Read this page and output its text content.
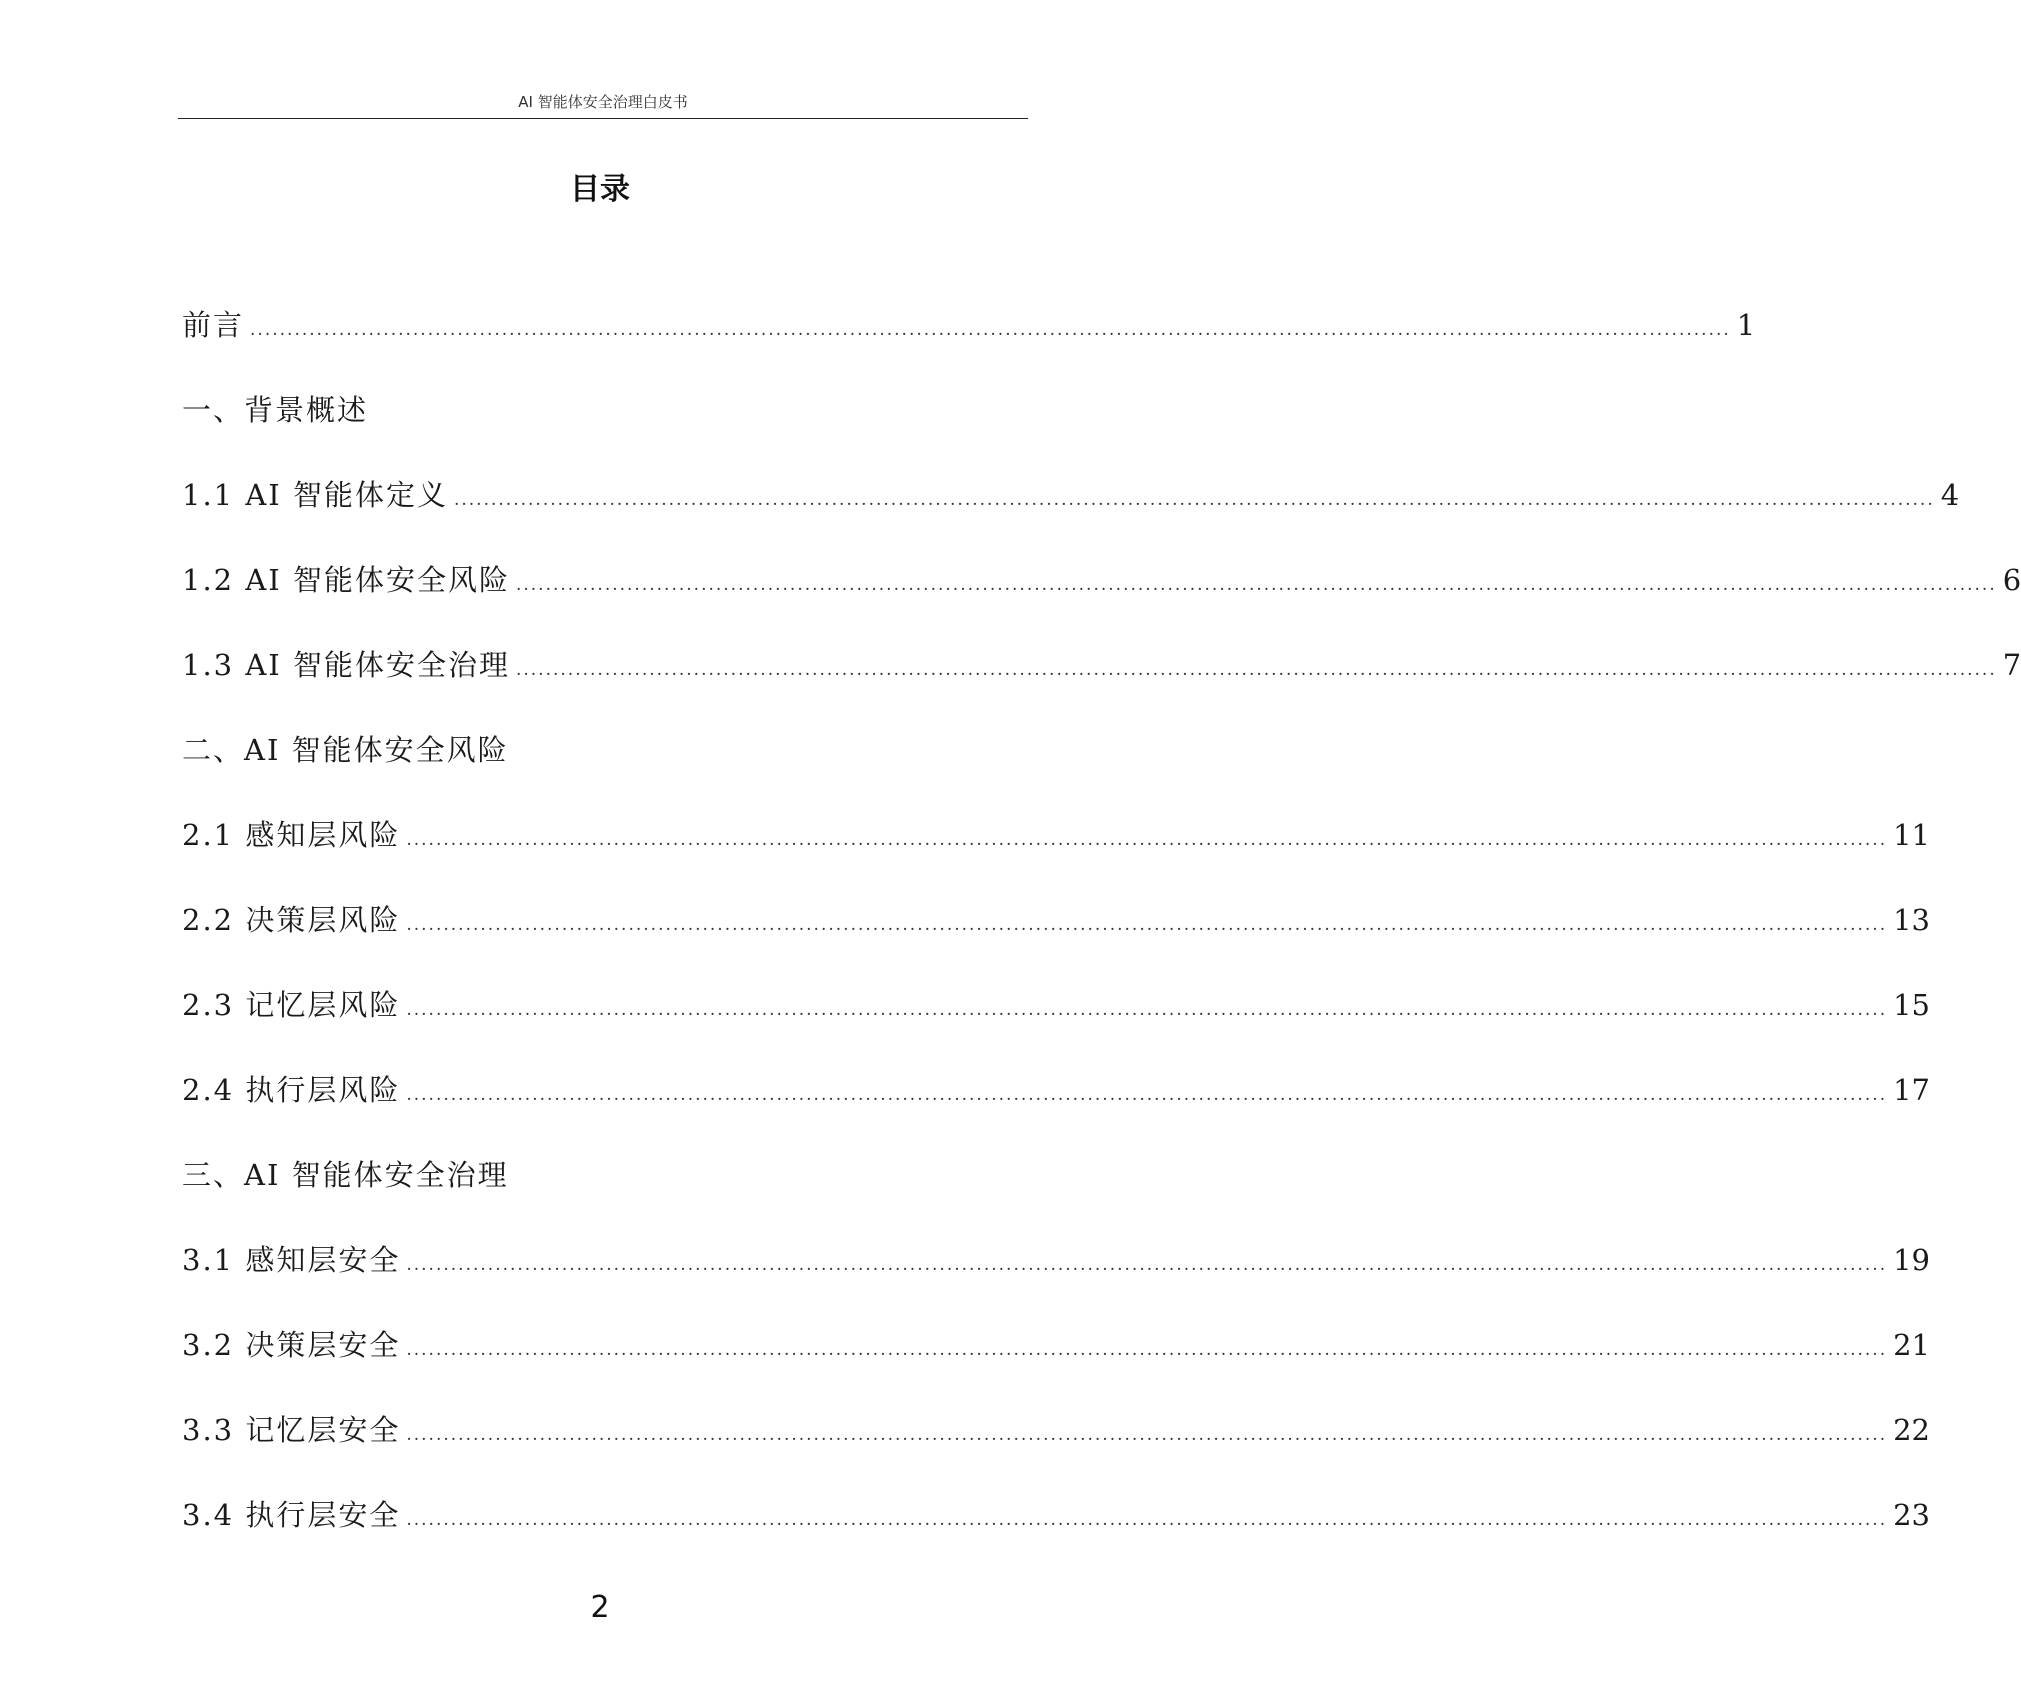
AI 智能体安全治理白皮书
目录
前言 ........................................................................................................................................................................................................ 1
一、背景概述
1.1 AI 智能体定义 ........................................................................................................................................................................................................ 4
1.2 AI 智能体安全风险 ........................................................................................................................................................................................................ 6
1.3 AI 智能体安全治理 ........................................................................................................................................................................................................ 7
二、AI 智能体安全风险
2.1 感知层风险 ........................................................................................................................................................................................................ 11
2.2 决策层风险 ........................................................................................................................................................................................................ 13
2.3 记忆层风险 ........................................................................................................................................................................................................ 15
2.4 执行层风险 ........................................................................................................................................................................................................ 17
三、AI 智能体安全治理
3.1 感知层安全 ........................................................................................................................................................................................................ 19
3.2 决策层安全 ........................................................................................................................................................................................................ 21
3.3 记忆层安全 ........................................................................................................................................................................................................ 22
3.4 执行层安全 ........................................................................................................................................................................................................ 23
2
